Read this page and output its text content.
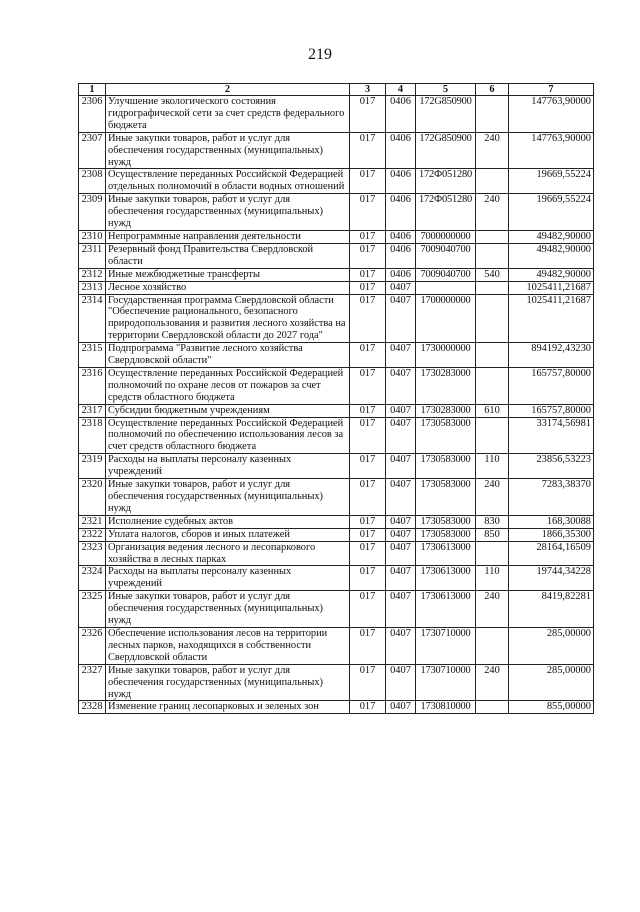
219
1	2	3	4	5	6	7
2306	Улучшение экологического состояния гидрографической сети за счет средств федерального бюджета	017	0406	172G850900		147763,90000
2307	Иные закупки товаров, работ и услуг для обеспечения государственных (муниципальных) нужд	017	0406	172G850900	240	147763,90000
2308	Осуществление переданных Российской Федерацией отдельных полномочий в области водных отношений	017	0406	172Ф051280		19669,55224
2309	Иные закупки товаров, работ и услуг для обеспечения государственных (муниципальных) нужд	017	0406	172Ф051280	240	19669,55224
2310	Непрограммные направления деятельности	017	0406	7000000000		49482,90000
2311	Резервный фонд Правительства Свердловской области	017	0406	7009040700		49482,90000
2312	Иные межбюджетные трансферты	017	0406	7009040700	540	49482,90000
2313	Лесное хозяйство	017	0407			1025411,21687
2314	Государственная программа Свердловской области "Обеспечение рационального, безопасного природопользования и развития лесного хозяйства на территории Свердловской области до 2027 года"	017	0407	1700000000		1025411,21687
2315	Подпрограмма "Развитие лесного хозяйства Свердловской области"	017	0407	1730000000		894192,43230
2316	Осуществление переданных Российской Федерацией полномочий по охране лесов от пожаров за счет средств областного бюджета	017	0407	1730283000		165757,80000
2317	Субсидии бюджетным учреждениям	017	0407	1730283000	610	165757,80000
2318	Осуществление переданных Российской Федерацией полномочий по обеспечению использования лесов за счет средств областного бюджета	017	0407	1730583000		33174,56981
2319	Расходы на выплаты персоналу казенных учреждений	017	0407	1730583000	110	23856,53223
2320	Иные закупки товаров, работ и услуг для обеспечения государственных (муниципальных) нужд	017	0407	1730583000	240	7283,38370
2321	Исполнение судебных актов	017	0407	1730583000	830	168,30088
2322	Уплата налогов, сборов и иных платежей	017	0407	1730583000	850	1866,35300
2323	Организация ведения лесного и лесопаркового хозяйства в лесных парках	017	0407	1730613000		28164,16509
2324	Расходы на выплаты персоналу казенных учреждений	017	0407	1730613000	110	19744,34228
2325	Иные закупки товаров, работ и услуг для обеспечения государственных (муниципальных) нужд	017	0407	1730613000	240	8419,82281
2326	Обеспечение использования лесов на территории лесных парков, находящихся в собственности Свердловской области	017	0407	1730710000		285,00000
2327	Иные закупки товаров, работ и услуг для обеспечения государственных (муниципальных) нужд	017	0407	1730710000	240	285,00000
2328	Изменение границ лесопарковых и зеленых зон	017	0407	1730810000		855,00000
